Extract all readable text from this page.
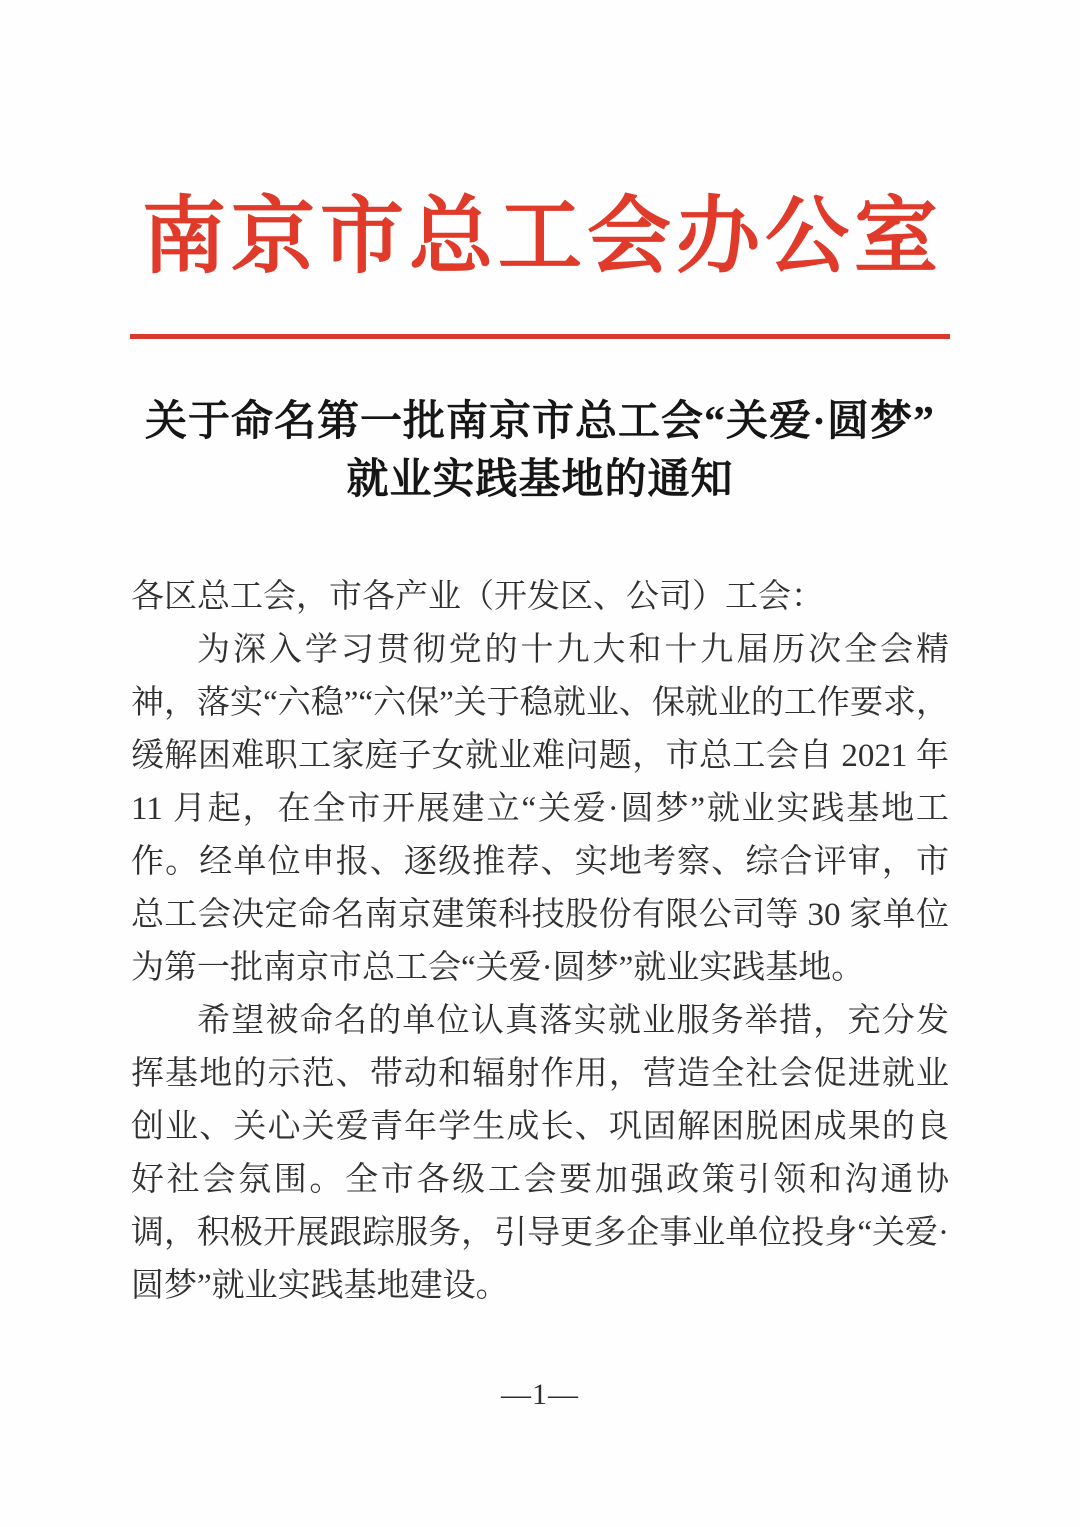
南京市总工会办公室
关于命名第一批南京市总工会“关爱·圆梦”
就业实践基地的通知

各区总工会，市各产业（开发区、公司）工会：

为深入学习贯彻党的十九大和十九届历次全会精神，落实“六稳”“六保”关于稳就业、保就业的工作要求，缓解困难职工家庭子女就业难问题，市总工会自 2021 年 11 月起，在全市开展建立“关爱·圆梦”就业实践基地工作。经单位申报、逐级推荐、实地考察、综合评审，市总工会决定命名南京建策科技股份有限公司等 30 家单位为第一批南京市总工会“关爱·圆梦”就业实践基地。

希望被命名的单位认真落实就业服务举措，充分发挥基地的示范、带动和辐射作用，营造全社会促进就业创业、关心关爱青年学生成长、巩固解困脱困成果的良好社会氛围。全市各级工会要加强政策引领和沟通协调，积极开展跟踪服务，引导更多企事业单位投身“关爱·圆梦”就业实践基地建设。

—1—
